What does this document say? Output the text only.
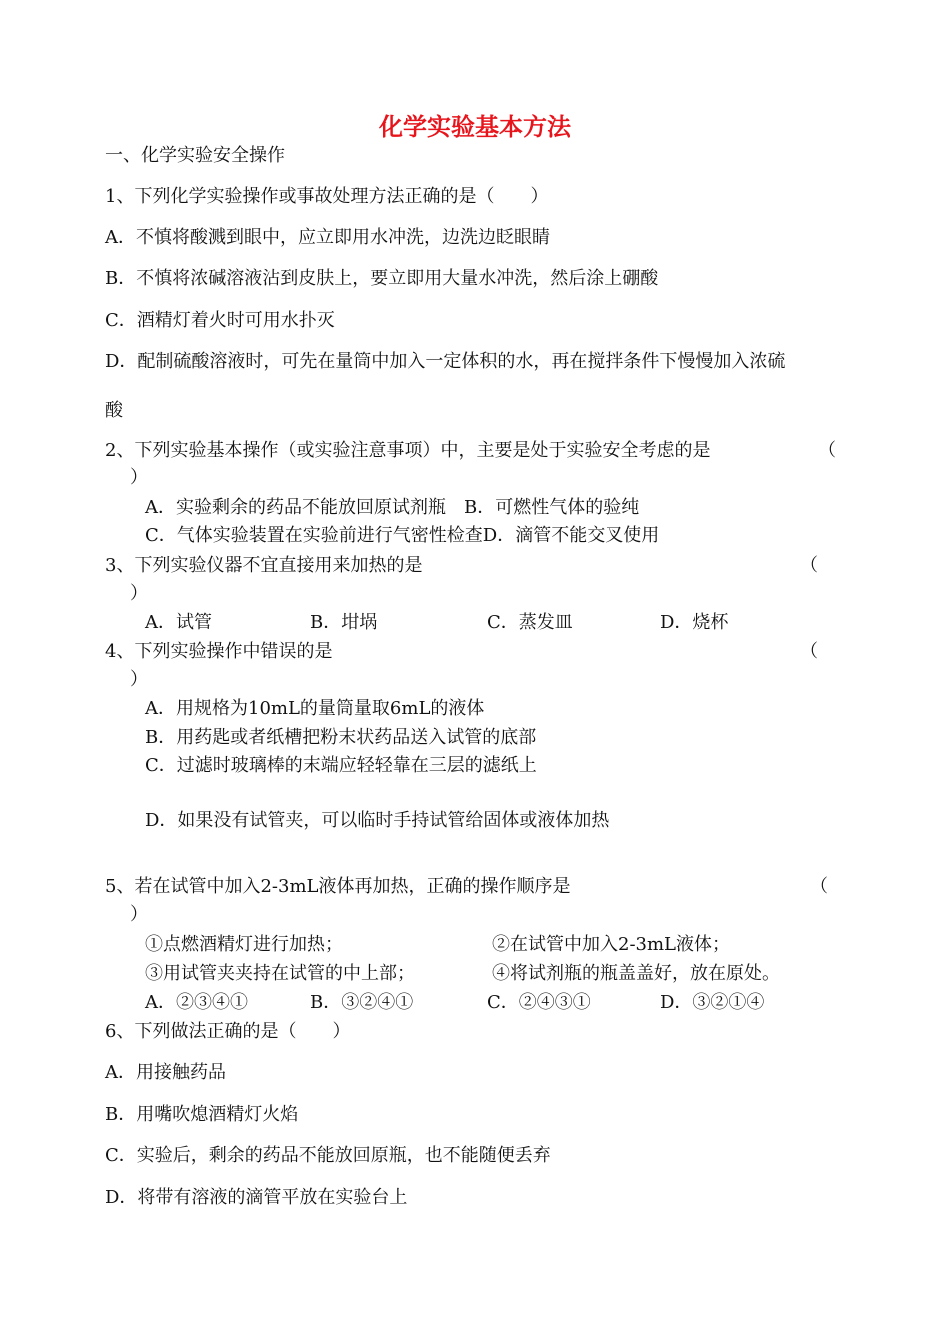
化学实验基本方法
一、化学实验安全操作
1、下列化学实验操作或事故处理方法正确的是（　　）
A．不慎将酸溅到眼中，应立即用水冲洗，边洗边眨眼睛
B．不慎将浓碱溶液沾到皮肤上，要立即用大量水冲洗，然后涂上硼酸
C．酒精灯着火时可用水扑灭
D．配制硫酸溶液时，可先在量筒中加入一定体积的水，再在搅拌条件下慢慢加入浓硫
酸
2、下列实验基本操作（或实验注意事项）中，主要是处于实验安全考虑的是	（
）
A．实验剩余的药品不能放回原试剂瓶　B．可燃性气体的验纯
C．气体实验装置在实验前进行气密性检查D．滴管不能交叉使用
3、下列实验仪器不宜直接用来加热的是	（
）
A．试管	B．坩埚	C．蒸发皿	D．烧杯
4、下列实验操作中错误的是	（
）
A．用规格为10mL的量筒量取6mL的液体
B．用药匙或者纸槽把粉末状药品送入试管的底部
C．过滤时玻璃棒的末端应轻轻靠在三层的滤纸上
D．如果没有试管夹，可以临时手持试管给固体或液体加热
5、若在试管中加入2-3mL液体再加热，正确的操作顺序是	（
）
①点燃酒精灯进行加热；	②在试管中加入2-3mL液体；
③用试管夹夹持在试管的中上部；	④将试剂瓶的瓶盖盖好，放在原处。
A．②③④①	B．③②④①	C．②④③①	D．③②①④
6、下列做法正确的是（　　）
A．用接触药品
B．用嘴吹熄酒精灯火焰
C．实验后，剩余的药品不能放回原瓶，也不能随便丢弃
D．将带有溶液的滴管平放在实验台上
